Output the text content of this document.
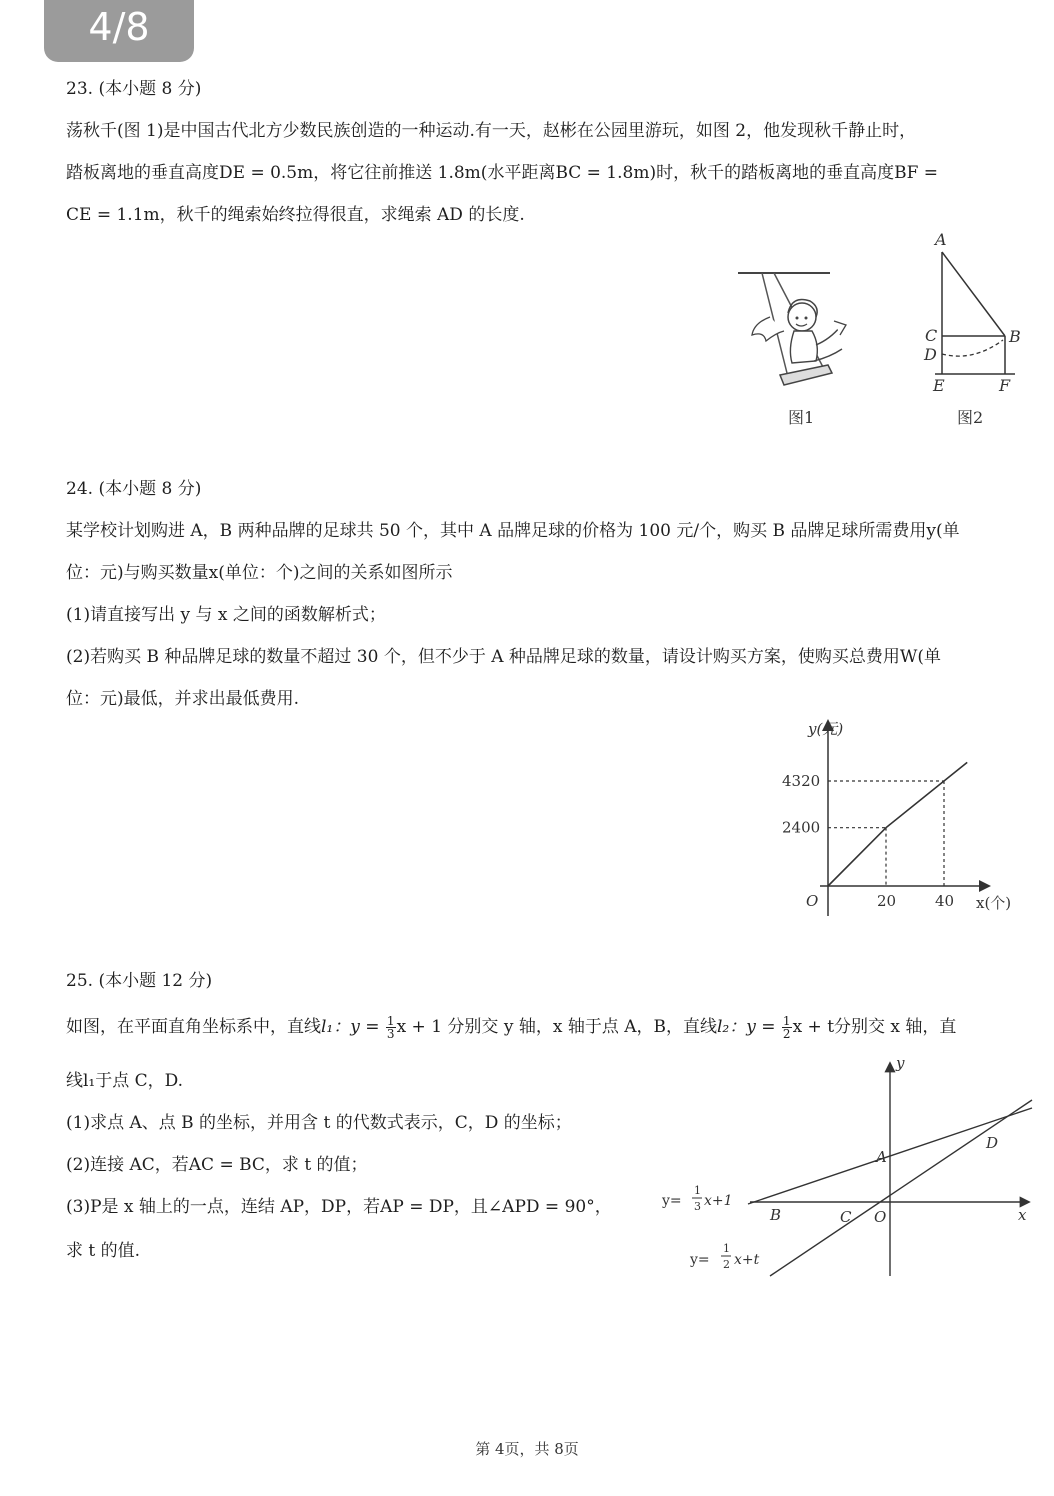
4/8
23. (本小题 8 分)
荡秋千(图 1)是中国古代北方少数民族创造的一种运动.有一天，赵彬在公园里游玩，如图 2，他发现秋千静止时，
踏板离地的垂直高度DE = 0.5m，将它往前推送 1.8m(水平距离BC = 1.8m)时，秋千的踏板离地的垂直高度BF =
CE = 1.1m，秋千的绳索始终拉得很直，求绳索 AD 的长度.
图1
A
C
D
B
E	F
图2
24. (本小题 8 分)
某学校计划购进 A，B 两种品牌的足球共 50 个，其中 A 品牌足球的价格为 100 元/个，购买 B 品牌足球所需费用y(单
位：元)与购买数量x(单位：个)之间的关系如图所示
(1)请直接写出 y 与 x 之间的函数解析式；
(2)若购买 B 种品牌足球的数量不超过 30 个，但不少于 A 种品牌足球的数量，请设计购买方案，使购买总费用W(单
位：元)最低，并求出最低费用.
y(元)
x(个)
O	20	40
2400
4320
25. (本小题 12 分)
如图，在平面直角坐标系中，直线l₁：$y = \frac{1}{3}$ x + 1 分别交 y 轴，x 轴于点 A，B，直线l₂：$y = \frac{1}{2}$ x + t分别交 x 轴，直
线l₁于点 C，D.
(1)求点 A、点 B 的坐标，并用含 t 的代数式表示，C，D 的坐标；
(2)连接 AC，若AC = BC，求 t 的值；
(3)P是 x 轴上的一点，连结 AP，DP，若AP = DP，且∠APD = 90°，
求 t 的值.
x
y
A
B	C O
D
y=
1
3 x+1
y=
1
2 x+t
第 4页，共 8页
